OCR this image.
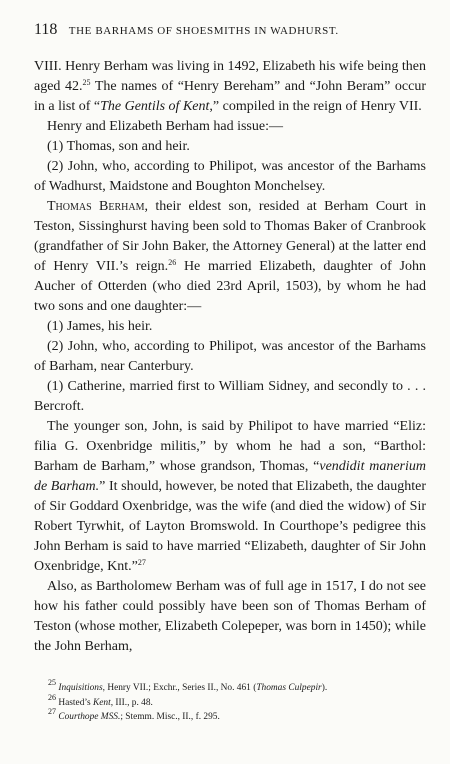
118 THE BARHAMS OF SHOESMITHS IN WADHURST.

VIII. Henry Berham was living in 1492, Elizabeth his wife being then aged 42.25 The names of “Henry Bereham” and “John Beram” occur in a list of “The Gentils of Kent,” compiled in the reign of Henry VII.

Henry and Elizabeth Berham had issue:—

(1) Thomas, son and heir.

(2) John, who, according to Philipot, was ancestor of the Barhams of Wadhurst, Maidstone and Boughton Monchelsey.

Thomas Berham, their eldest son, resided at Berham Court in Teston, Sissinghurst having been sold to Thomas Baker of Cranbrook (grandfather of Sir John Baker, the Attorney General) at the latter end of Henry VII.’s reign.$^{26}$ He married Elizabeth, daughter of John Aucher of Otterden (who died 23rd April, 1503), by whom he had two sons and one daughter:—

(1) James, his heir.

(2) John, who, according to Philipot, was ancestor of the Barhams of Barham, near Canterbury.

(1) Catherine, married first to William Sidney, and secondly to . . . Bercroft.

The younger son, John, is said by Philipot to have married “Eliz: filia G. Oxenbridge militis,” by whom he had a son, “Barthol: Barham de Barham,” whose grandson, Thomas, “vendidit manerium de Barham.” It should, however, be noted that Elizabeth, the daughter of Sir Goddard Oxenbridge, was the wife (and died the widow) of Sir Robert Tyrwhit, of Layton Bromswold. In Courthope’s pedigree this John Berham is said to have married “Elizabeth, daughter of Sir John Oxenbridge, Knt.”$^{27}$

Also, as Bartholomew Berham was of full age in 1517, I do not see how his father could possibly have been son of Thomas Berham of Teston (whose mother, Elizabeth Colepeper, was born in 1450); while the John Berham,

$^{25}$ Inquisitions, Henry VII.; Exchr., Series II., No. 461 (Thomas Culpepir).
$^{26}$ Hasted’s Kent, III., p. 48.
$^{27}$ Courthope MSS.; Stemm. Misc., II., f. 295.
